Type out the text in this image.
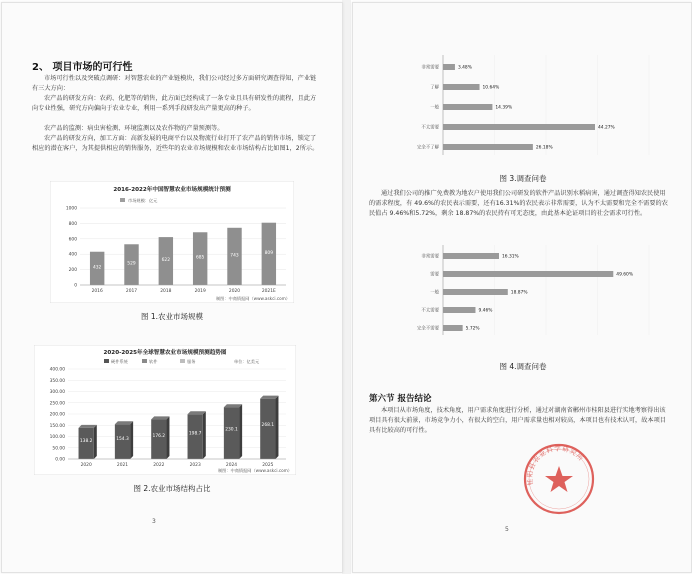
2、 项目市场的可行性

市场可行性以及突破点调研：对智慧农业的产业链模块，我们公司经过多方面研究调查得知，产业链有三大方向：

农产品的研发方向：农药、化肥等的销售，此方面已经构成了一条专业且具有研发性的流程，且此方向专业性强，研究方向偏向于农业专业，利用一系列手段研发出产量更高的种子。

农产品的监测：病虫害检测、环境监测以及农作物的产量预测等。

农产品的研发方向，加工方面：高新发展的电商平台以及物流行业打开了农产品的销售市场，锁定了相应的潜在客户，为其提供相应的销售服务，近些年的农业市场规模和农业市场结构占比如图1，2所示。

2016-2022年中国智慧农业市场规模统计预测
市场规模：亿元
0
200
400
600
800
1000
432
2016
529
2017
622
2018
685
2019
743
2020
809
2021E
制图：中商情报网（www.askci.com）
图 1.农业市场规模
2020-2025年全球智慧农业市场规模预测趋势图
硬件系统	软件	服务	单位：亿美元
0.00
50.00
100.00
150.00
200.00
250.00
300.00
350.00
400.00
138.2
2020
154.3
2021
176.2
2022
198.7
2023
230.1
2024
268.1
2025
制图：中商情报网（www.askci.com）
图 2.农业市场结构占比
3
非常需要	3.48%
了解	10.64%
一般	14.39%
不太需要	44.27%
完全不了解	26.18%
图 3.调查问卷

通过我们公司的推广免费教为地农户使用我们公司研发的软件产品识别水稻病害，通过调查得知农民使用的需求程度，有 49.6%的农民表示需要，还有16.31%的农民表示非常需要，认为不太需要和完全不需要的农民值占 9.46%和5.72%，剩余 18.87%的农民持有可无态度，由此基本论证项目的社会需求可行性。

非常需要	16.31%
需要	49.60%
一般	18.87%
不太需要	9.46%
完全不需要	5.72%
图 4.调查问卷
第六节 报告结论

本项目从市场角度，技术角度，用户需求角度进行分析，通过对湖南省郴州市桂阳县进行实地考察得出该项目具有很大前景，市场竞争力小，有很大的空白，用户需求量也相对较高，本项目也有技术认可，故本项目具有比较高的可行性。

桂阳县农业科学研究所
5
